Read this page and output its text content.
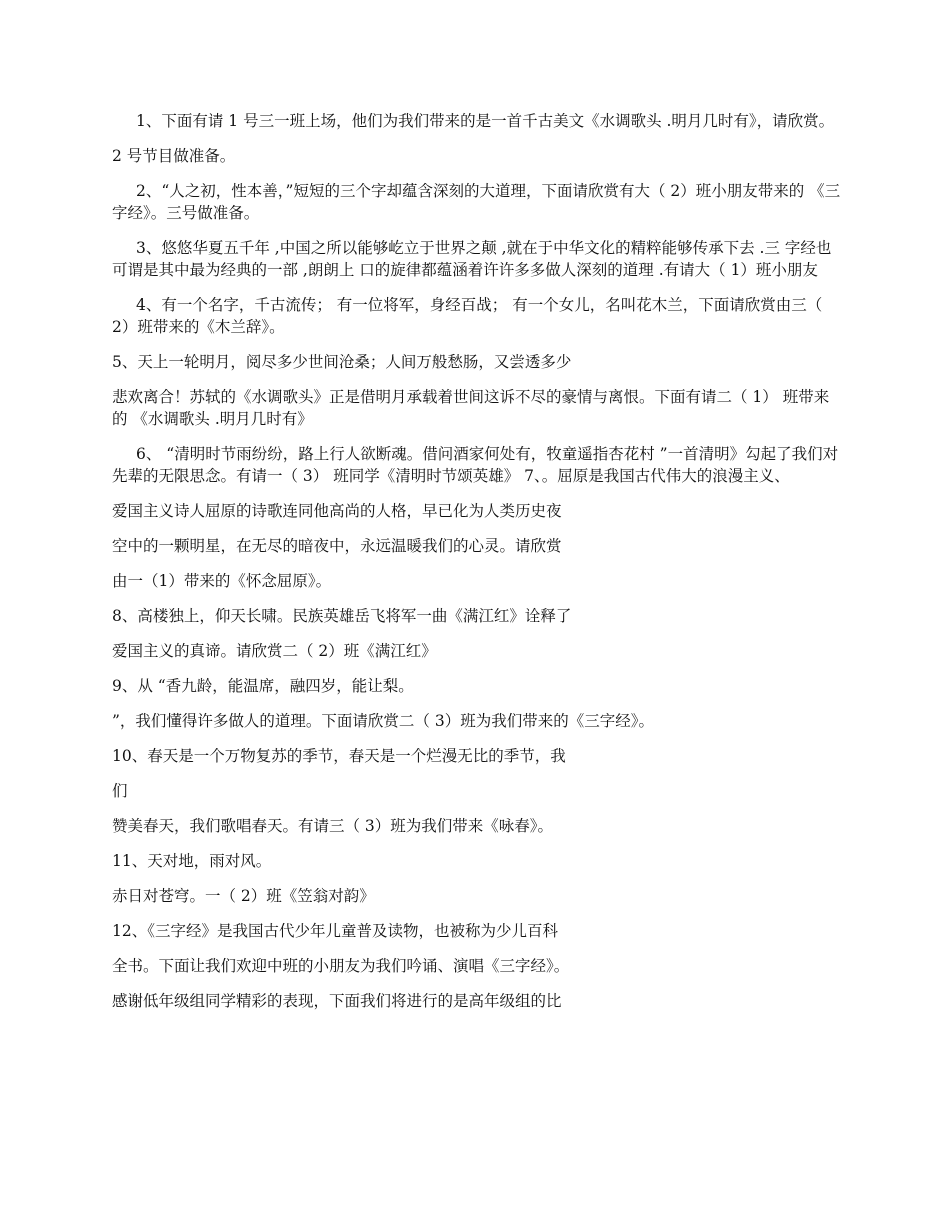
1、下面有请 1 号三一班上场，他们为我们带来的是一首千古美文《水调歌头 .明月几时有》，请欣赏。

2 号节目做准备。

2、“人之初，性本善，”短短的三个字却蕴含深刻的大道理，下面请欣赏有大（ 2）班小朋友带来的 《三字经》。三号做准备。

3、悠悠华夏五千年 ,中国之所以能够屹立于世界之颠 ,就在于中华文化的精粹能够传承下去 .三 字经也可谓是其中最为经典的一部 ,朗朗上 口的旋律都蕴涵着许许多多做人深刻的道理 .有请大（ 1）班小朋友

4、有一个名字，千古流传； 有一位将军，身经百战； 有一个女儿，名叫花木兰，下面请欣赏由三（ 2）班带来的《木兰辞》。

5、天上一轮明月，阅尽多少世间沧桑；人间万般愁肠，又尝透多少

悲欢离合！苏轼的《水调歌头》正是借明月承载着世间这诉不尽的豪情与离恨。下面有请二（ 1） 班带来的 《水调歌头 .明月几时有》

6、 “清明时节雨纷纷，路上行人欲断魂。借问酒家何处有，牧童遥指杏花村 ”一首清明》勾起了我们对先辈的无限思念。有请一（ 3） 班同学《清明时节颂英雄》 7、。屈原是我国古代伟大的浪漫主义、

爱国主义诗人屈原的诗歌连同他高尚的人格，早已化为人类历史夜

空中的一颗明星，在无尽的暗夜中，永远温暖我们的心灵。请欣赏

由一（1）带来的《怀念屈原》。

8、高楼独上，仰天长啸。民族英雄岳飞将军一曲《满江红》诠释了

爱国主义的真谛。请欣赏二（ 2）班《满江红》

9、从 “香九龄，能温席，融四岁，能让梨。

”，我们懂得许多做人的道理。下面请欣赏二（ 3）班为我们带来的《三字经》。

10、春天是一个万物复苏的季节，春天是一个烂漫无比的季节，我

们

赞美春天，我们歌唱春天。有请三（ 3）班为我们带来《咏春》。

11、天对地，雨对风。

赤日对苍穹。一（ 2）班《笠翁对韵》

12、《三字经》是我国古代少年儿童普及读物，也被称为少儿百科

全书。下面让我们欢迎中班的小朋友为我们吟诵、演唱《三字经》。

感谢低年级组同学精彩的表现，下面我们将进行的是高年级组的比
